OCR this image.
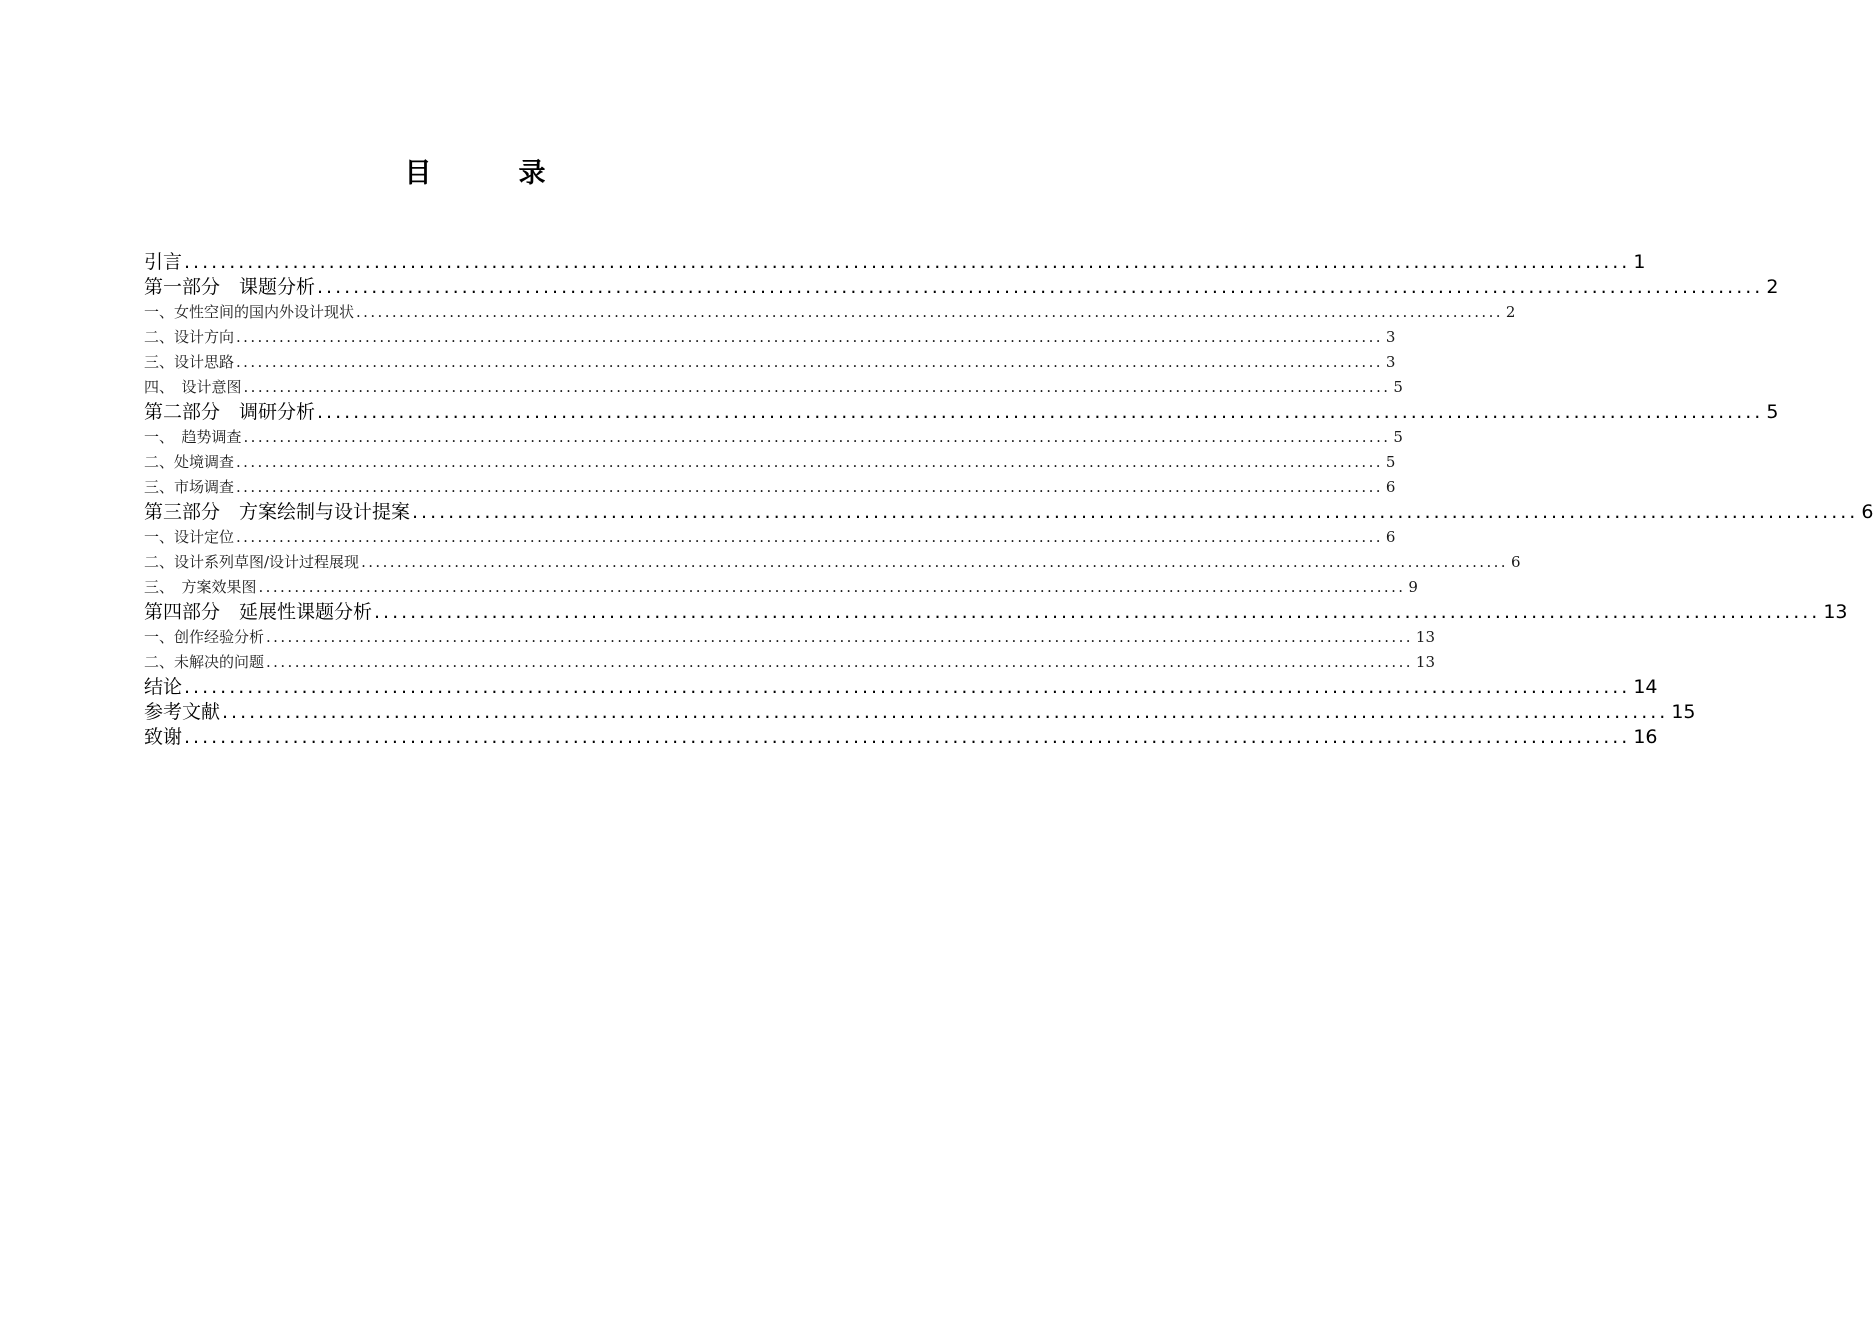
目　录
引言 ................................................................................................................................................................ 1
第一部分　课题分析 ................................................................................................................................................................ 2
一、女性空间的国内外设计现状 ................................................................................................................................................................ 2
二、设计方向 ................................................................................................................................................................ 3
三、设计思路 ................................................................................................................................................................ 3
四、　设计意图 ................................................................................................................................................................ 5
第二部分　调研分析 ................................................................................................................................................................ 5
一、　趋势调查 ................................................................................................................................................................ 5
二、处境调查 ................................................................................................................................................................ 5
三、市场调查 ................................................................................................................................................................ 6
第三部分　方案绘制与设计提案 ................................................................................................................................................................ 6
一、设计定位 ................................................................................................................................................................ 6
二、设计系列草图/设计过程展现 ................................................................................................................................................................ 6
三、　方案效果图 ................................................................................................................................................................ 9
第四部分　延展性课题分析 ................................................................................................................................................................ 13
一、创作经验分析 ................................................................................................................................................................ 13
二、未解决的问题 ................................................................................................................................................................ 13
结论 ................................................................................................................................................................ 14
参考文献 ................................................................................................................................................................ 15
致谢 ................................................................................................................................................................ 16
